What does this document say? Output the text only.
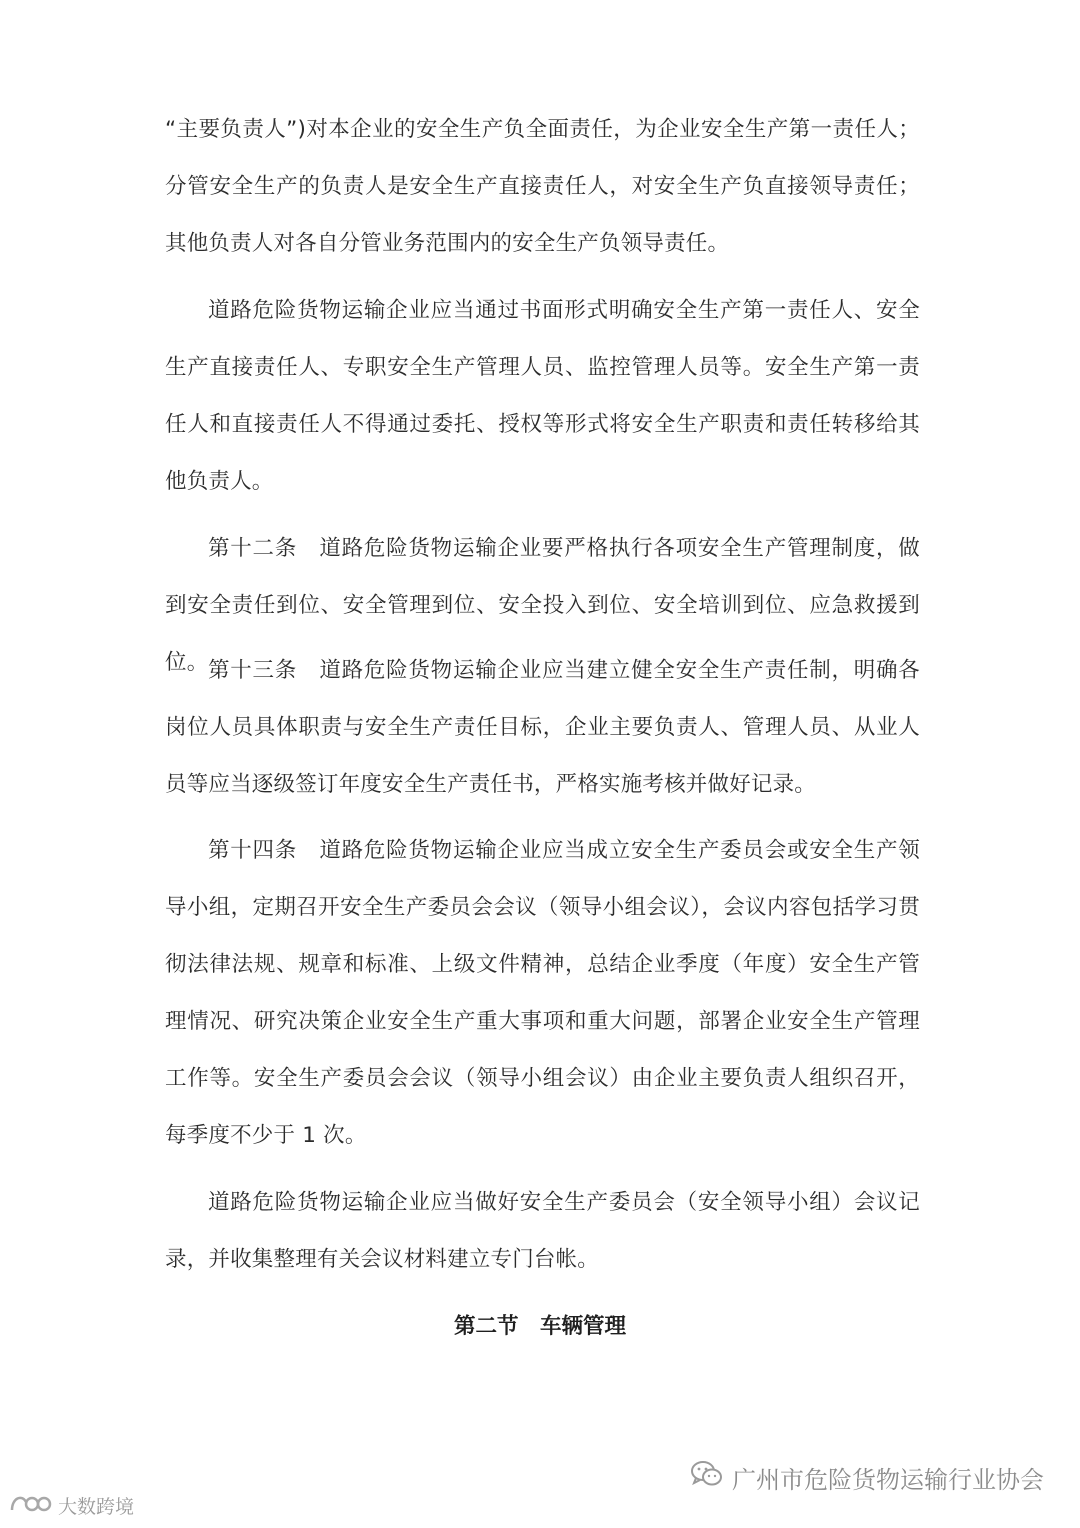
“主要负责人”)对本企业的安全生产负全面责任，为企业安全生产第一责任人；分管安全生产的负责人是安全生产直接责任人，对安全生产负直接领导责任；其他负责人对各自分管业务范围内的安全生产负领导责任。

道路危险货物运输企业应当通过书面形式明确安全生产第一责任人、安全生产直接责任人、专职安全生产管理人员、监控管理人员等。安全生产第一责任人和直接责任人不得通过委托、授权等形式将安全生产职责和责任转移给其他负责人。

第十二条　道路危险货物运输企业要严格执行各项安全生产管理制度，做到安全责任到位、安全管理到位、安全投入到位、安全培训到位、应急救援到位。 第十三条　道路危险货物运输企业应当建立健全安全生产责任制，明确各岗位人员具体职责与安全生产责任目标，企业主要负责人、管理人员、从业人员等应当逐级签订年度安全生产责任书，严格实施考核并做好记录。

第十四条　道路危险货物运输企业应当成立安全生产委员会或安全生产领导小组，定期召开安全生产委员会会议（领导小组会议），会议内容包括学习贯彻法律法规、规章和标准、上级文件精神，总结企业季度（年度）安全生产管理情况、研究决策企业安全生产重大事项和重大问题，部署企业安全生产管理工作等。安全生产委员会会议（领导小组会议）由企业主要负责人组织召开，每季度不少于 1 次。

道路危险货物运输企业应当做好安全生产委员会（安全领导小组）会议记录，并收集整理有关会议材料建立专门台帐。

第二节　车辆管理
广州市危险货物运输行业协会
大数跨境
